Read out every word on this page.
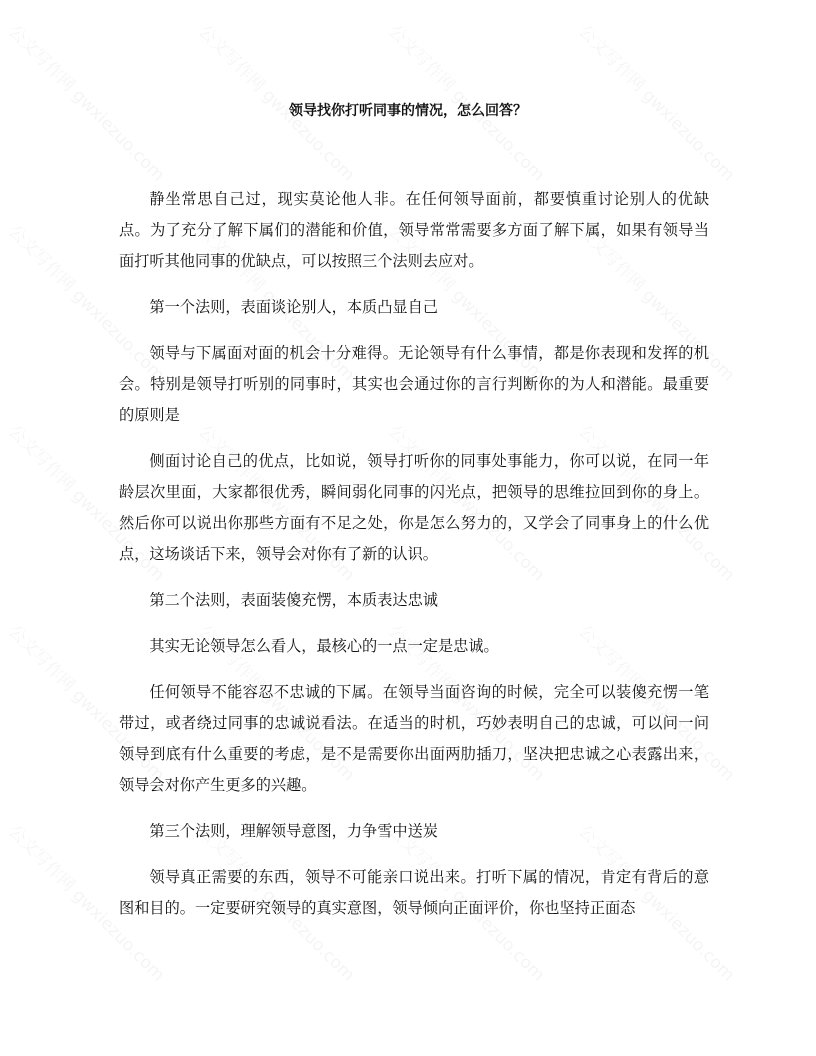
领导找你打听同事的情况，怎么回答？

静坐常思自己过，现实莫论他人非。在任何领导面前，都要慎重讨论别人的优缺点。为了充分了解下属们的潜能和价值，领导常常需要多方面了解下属，如果有领导当面打听其他同事的优缺点，可以按照三个法则去应对。

第一个法则，表面谈论别人，本质凸显自己

领导与下属面对面的机会十分难得。无论领导有什么事情，都是你表现和发挥的机会。特别是领导打听别的同事时，其实也会通过你的言行判断你的为人和潜能。最重要的原则是

侧面讨论自己的优点，比如说，领导打听你的同事处事能力，你可以说，在同一年龄层次里面，大家都很优秀，瞬间弱化同事的闪光点，把领导的思维拉回到你的身上。然后你可以说出你那些方面有不足之处，你是怎么努力的，又学会了同事身上的什么优点，这场谈话下来，领导会对你有了新的认识。

第二个法则，表面装傻充愣，本质表达忠诚

其实无论领导怎么看人，最核心的一点一定是忠诚。

任何领导不能容忍不忠诚的下属。在领导当面咨询的时候，完全可以装傻充愣一笔带过，或者绕过同事的忠诚说看法。在适当的时机，巧妙表明自己的忠诚，可以问一问领导到底有什么重要的考虑，是不是需要你出面两肋插刀，坚决把忠诚之心表露出来，领导会对你产生更多的兴趣。

第三个法则，理解领导意图，力争雪中送炭

领导真正需要的东西，领导不可能亲口说出来。打听下属的情况，肯定有背后的意图和目的。一定要研究领导的真实意图，领导倾向正面评价，你也坚持正面态
